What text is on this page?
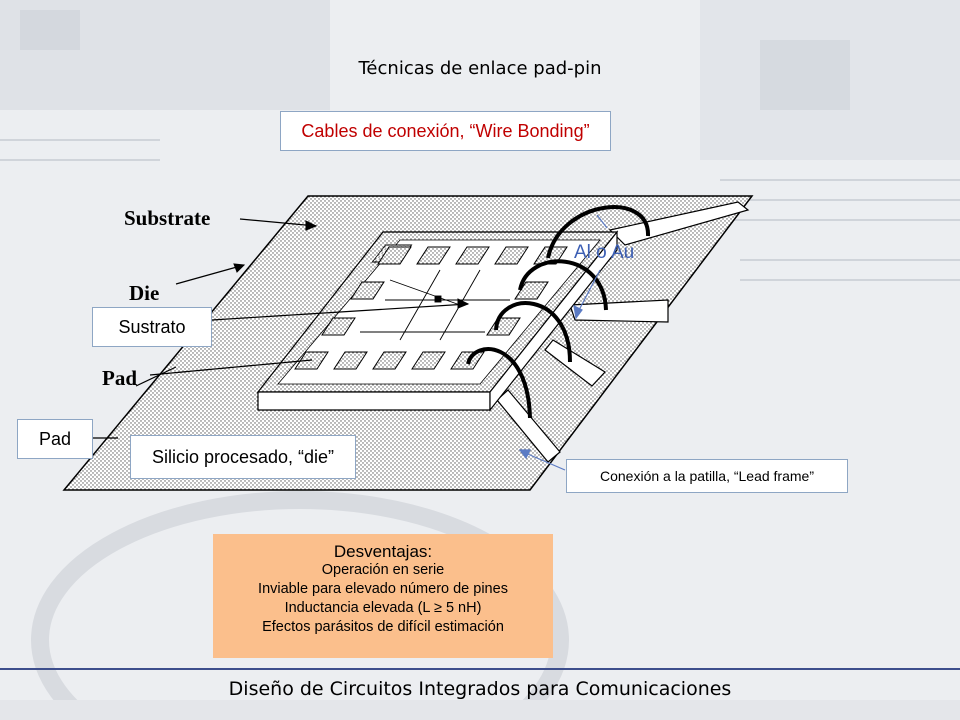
Substrate
Die
Pad
Al o Au
Técnicas de enlace pad-pin
Cables de conexión, “Wire Bonding”
Sustrato
Pad
Silicio procesado, “die”
Conexión a la patilla, “Lead frame”
Desventajas:
Operación en serie
Inviable para elevado número de pines
Inductancia elevada (L ≥ 5 nH)
Efectos parásitos de difícil estimación
Diseño de Circuitos Integrados para Comunicaciones
